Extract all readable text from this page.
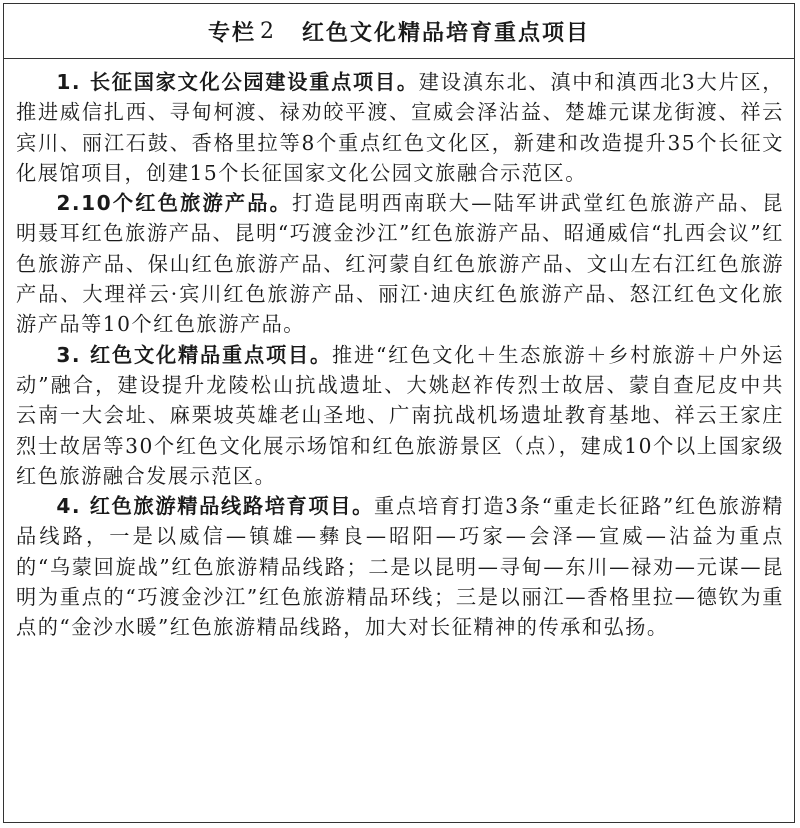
专栏 2 红色文化精品培育重点项目

1. 长征国家文化公园建设重点项目。建设滇东北、滇中和滇西北3大片区，推进威信扎西、寻甸柯渡、禄劝皎平渡、宣威会泽沾益、楚雄元谋龙街渡、祥云宾川、丽江石鼓、香格里拉等8个重点红色文化区，新建和改造提升35个长征文化展馆项目，创建15个长征国家文化公园文旅融合示范区。

2.10个红色旅游产品。打造昆明西南联大—陆军讲武堂红色旅游产品、昆明聂耳红色旅游产品、昆明“巧渡金沙江”红色旅游产品、昭通威信“扎西会议”红色旅游产品、保山红色旅游产品、红河蒙自红色旅游产品、文山左右江红色旅游产品、大理祥云·宾川红色旅游产品、丽江·迪庆红色旅游产品、怒江红色文化旅游产品等10个红色旅游产品。

3. 红色文化精品重点项目。推进“红色文化＋生态旅游＋乡村旅游＋户外运动”融合，建设提升龙陵松山抗战遗址、大姚赵祚传烈士故居、蒙自查尼皮中共云南一大会址、麻栗坡英雄老山圣地、广南抗战机场遗址教育基地、祥云王家庄烈士故居等30个红色文化展示场馆和红色旅游景区（点），建成10个以上国家级红色旅游融合发展示范区。

4. 红色旅游精品线路培育项目。重点培育打造3条“重走长征路”红色旅游精品线路，一是以威信—镇雄—彝良—昭阳—巧家—会泽—宣威—沾益为重点的“乌蒙回旋战”红色旅游精品线路；二是以昆明—寻甸—东川—禄劝—元谋—昆明为重点的“巧渡金沙江”红色旅游精品环线；三是以丽江—香格里拉—德钦为重点的“金沙水暖”红色旅游精品线路，加大对长征精神的传承和弘扬。
